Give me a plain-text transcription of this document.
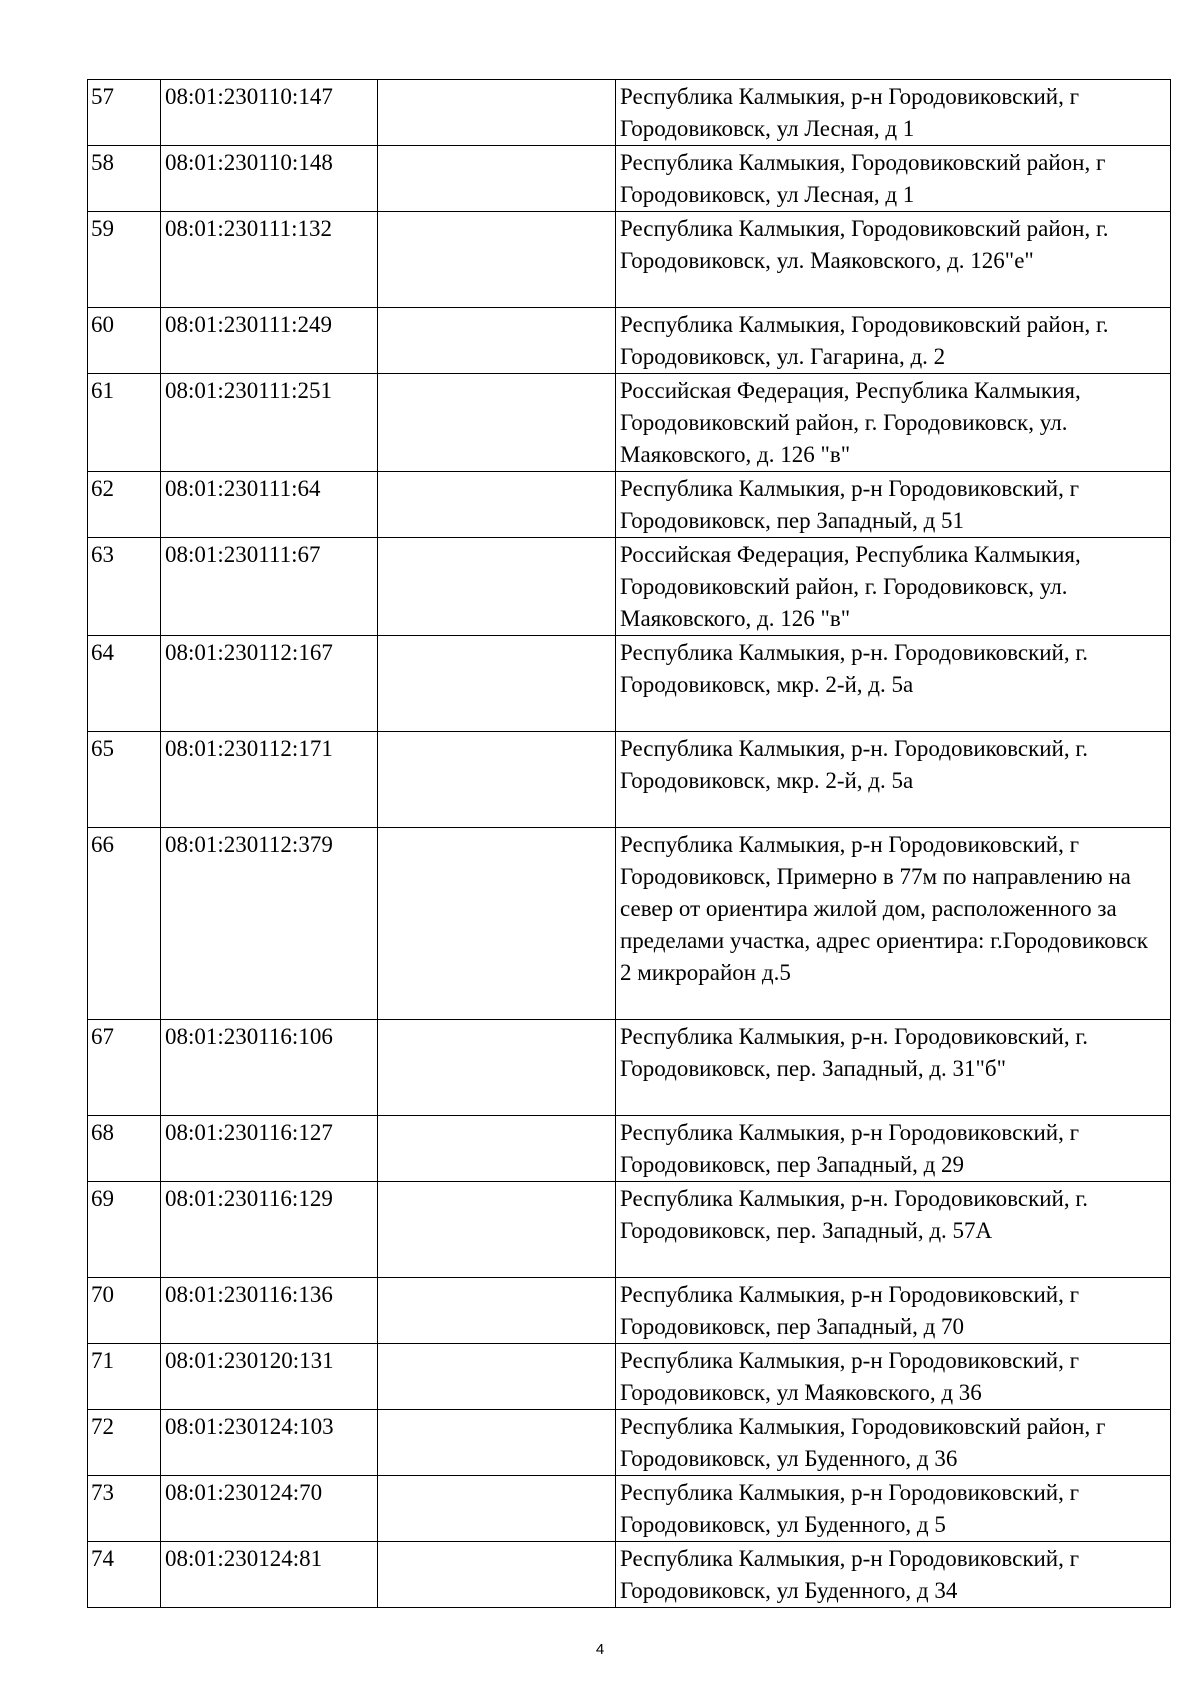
57	08:01:230110:147		Республика Калмыкия, р-н Городовиковский, г Городовиковск, ул Лесная, д 1
58	08:01:230110:148		Республика Калмыкия, Городовиковский район, г Городовиковск, ул Лесная, д 1
59	08:01:230111:132		Республика Калмыкия, Городовиковский район, г. Городовиковск, ул. Маяковского, д. 126"е"
60	08:01:230111:249		Республика Калмыкия, Городовиковский район, г. Городовиковск, ул. Гагарина, д. 2
61	08:01:230111:251		Российская Федерация, Республика Калмыкия, Городовиковский район, г. Городовиковск, ул. Маяковского, д. 126 "в"
62	08:01:230111:64		Республика Калмыкия, р-н Городовиковский, г Городовиковск, пер Западный, д 51
63	08:01:230111:67		Российская Федерация, Республика Калмыкия, Городовиковский район, г. Городовиковск, ул. Маяковского, д. 126 "в"
64	08:01:230112:167		Республика Калмыкия, р-н. Городовиковский, г. Городовиковск, мкр. 2-й, д. 5а
65	08:01:230112:171		Республика Калмыкия, р-н. Городовиковский, г. Городовиковск, мкр. 2-й, д. 5а
66	08:01:230112:379		Республика Калмыкия, р-н Городовиковский, г Городовиковск, Примерно в 77м по направлению на север от ориентира жилой дом, расположенного за пределами участка, адрес ориентира: г.Городовиковск 2 микрорайон д.5
67	08:01:230116:106		Республика Калмыкия, р-н. Городовиковский, г. Городовиковск, пер. Западный, д. 31"б"
68	08:01:230116:127		Республика Калмыкия, р-н Городовиковский, г Городовиковск, пер Западный, д 29
69	08:01:230116:129		Республика Калмыкия, р-н. Городовиковский, г. Городовиковск, пер. Западный, д. 57А
70	08:01:230116:136		Республика Калмыкия, р-н Городовиковский, г Городовиковск, пер Западный, д 70
71	08:01:230120:131		Республика Калмыкия, р-н Городовиковский, г Городовиковск, ул Маяковского, д 36
72	08:01:230124:103		Республика Калмыкия, Городовиковский район, г Городовиковск, ул Буденного, д 36
73	08:01:230124:70		Республика Калмыкия, р-н Городовиковский, г Городовиковск, ул Буденного, д 5
74	08:01:230124:81		Республика Калмыкия, р-н Городовиковский, г Городовиковск, ул Буденного, д 34
4
